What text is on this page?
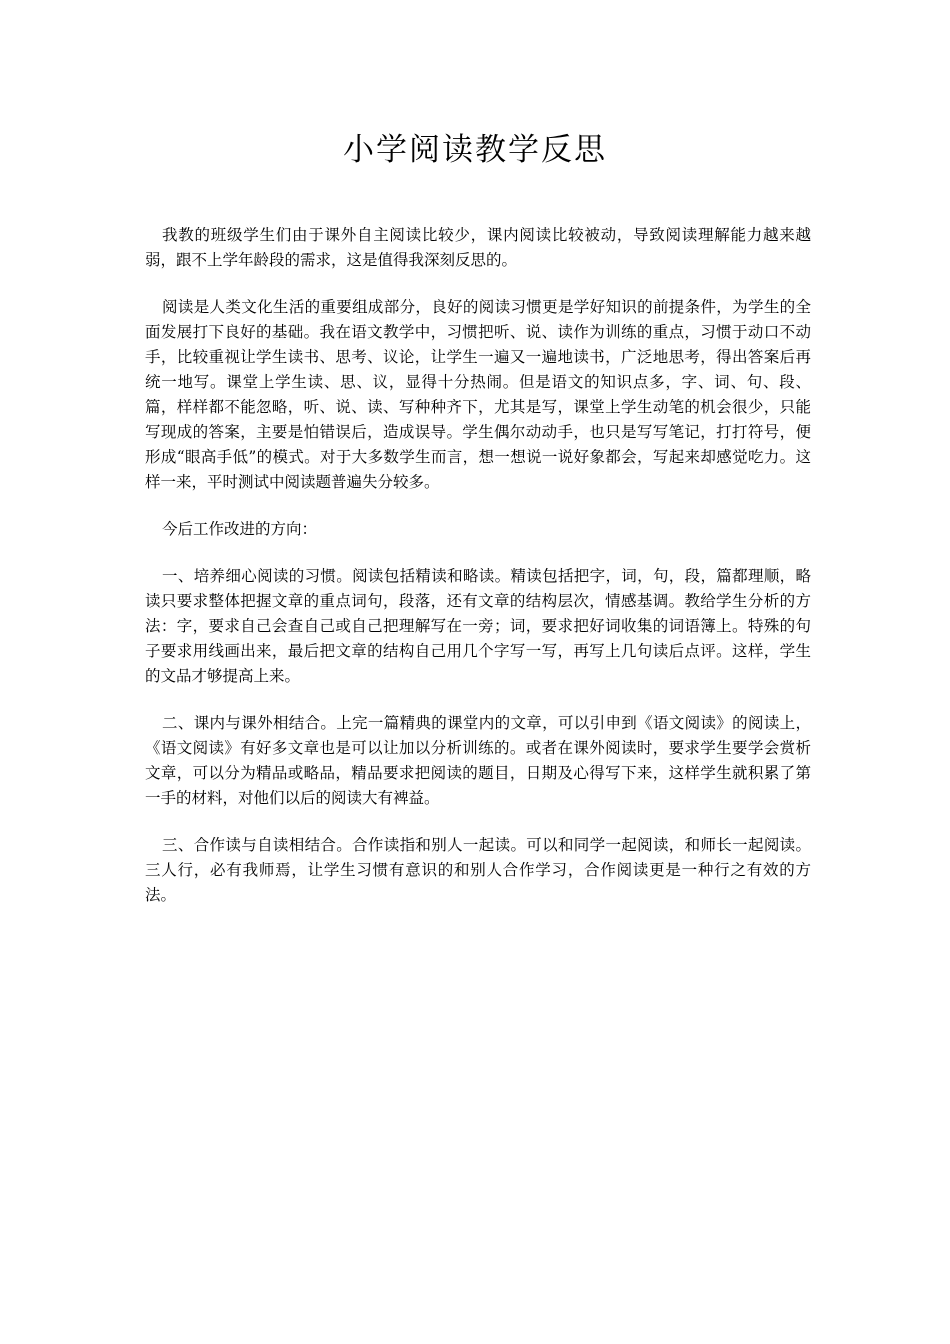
小学阅读教学反思

我教的班级学生们由于课外自主阅读比较少，课内阅读比较被动，导致阅读理解能力越来越弱，跟不上学年龄段的需求，这是值得我深刻反思的。

阅读是人类文化生活的重要组成部分，良好的阅读习惯更是学好知识的前提条件，为学生的全面发展打下良好的基础。我在语文教学中，习惯把听、说、读作为训练的重点，习惯于动口不动手，比较重视让学生读书、思考、议论，让学生一遍又一遍地读书，广泛地思考，得出答案后再统一地写。课堂上学生读、思、议，显得十分热闹。但是语文的知识点多，字、词、句、段、篇，样样都不能忽略，听、说、读、写种种齐下，尤其是写，课堂上学生动笔的机会很少，只能写现成的答案，主要是怕错误后，造成误导。学生偶尔动动手，也只是写写笔记，打打符号，便形成“眼高手低”的模式。对于大多数学生而言，想一想说一说好象都会，写起来却感觉吃力。这样一来，平时测试中阅读题普遍失分较多。

今后工作改进的方向：

一、培养细心阅读的习惯。阅读包括精读和略读。精读包括把字，词，句，段，篇都理顺，略读只要求整体把握文章的重点词句，段落，还有文章的结构层次，情感基调。教给学生分析的方法：字，要求自己会查自己或自己把理解写在一旁；词，要求把好词收集的词语簿上。特殊的句子要求用线画出来，最后把文章的结构自己用几个字写一写，再写上几句读后点评。这样，学生的文品才够提高上来。

二、课内与课外相结合。上完一篇精典的课堂内的文章，可以引申到《语文阅读》的阅读上，《语文阅读》有好多文章也是可以让加以分析训练的。或者在课外阅读时，要求学生要学会赏析文章，可以分为精品或略品，精品要求把阅读的题目，日期及心得写下来，这样学生就积累了第一手的材料，对他们以后的阅读大有裨益。

三、合作读与自读相结合。合作读指和别人一起读。可以和同学一起阅读，和师长一起阅读。三人行，必有我师焉，让学生习惯有意识的和别人合作学习，合作阅读更是一种行之有效的方法。
